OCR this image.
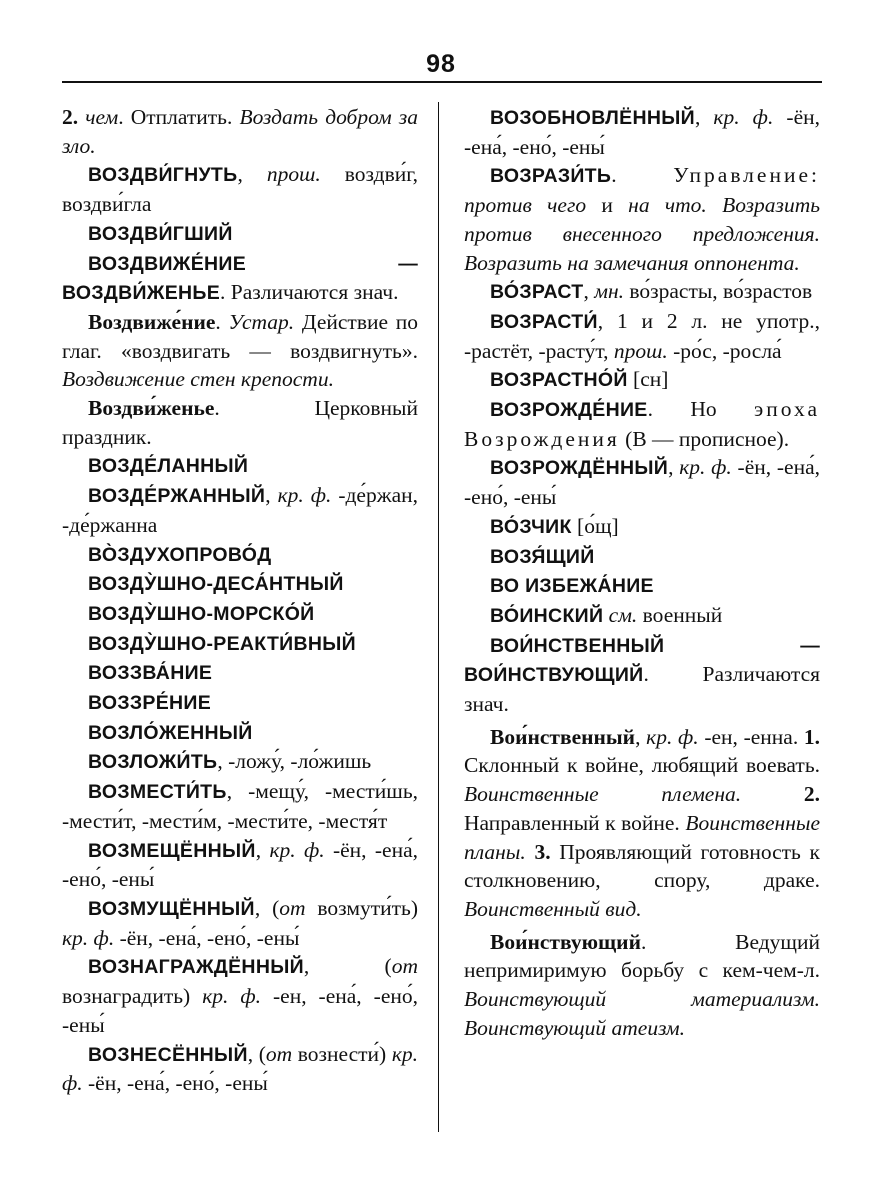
98

2. чем. Отплатить. Воздать добром за зло.

ВОЗДВИ́ГНУТЬ, прош. воздви́г, воздви́гла

ВОЗДВИ́ГШИЙ

ВОЗДВИЖЕ́НИЕ — ВОЗДВИ́ЖЕНЬЕ. Различаются знач.

Воздвиже́ние. Устар. Действие по глаг. «воздвигать — воздвигнуть». Воздвижение стен крепости.

Воздви́женье. Церковный праздник.

ВОЗДЕ́ЛАННЫЙ

ВОЗДЕ́РЖАННЫЙ, кр. ф. -де́ржан, -де́ржанна

ВО̀ЗДУХОПРОВО́Д

ВОЗДУ̀ШНО-ДЕСА́НТНЫЙ

ВОЗДУ̀ШНО-МОРСКО́Й

ВОЗДУ̀ШНО-РЕАКТИ́ВНЫЙ

ВОЗЗВА́НИЕ

ВОЗЗРЕ́НИЕ

ВОЗЛО́ЖЕННЫЙ

ВОЗЛОЖИ́ТЬ, -ложу́, -ло́жишь

ВОЗМЕСТИ́ТЬ, -мещу́, -мести́шь, -мести́т, -мести́м, -мести́те, -местя́т

ВОЗМЕЩЁННЫЙ, кр. ф. -ён, -ена́, -ено́, -ены́

ВОЗМУЩЁННЫЙ, (от возмути́ть) кр. ф. -ён, -ена́, -ено́, -ены́

ВОЗНАГРАЖДЁННЫЙ, (от вознаградить) кр. ф. -ен, -ена́, -ено́, -ены́

ВОЗНЕСЁННЫЙ, (от вознести́) кр. ф. -ён, -ена́, -ено́, -ены́

ВОЗОБНОВЛЁННЫЙ, кр. ф. -ён, -ена́, -ено́, -ены́

ВОЗРАЗИ́ТЬ. Управление: против чего и на что. Возразить против внесенного предложения. Возразить на замечания оппонента.

ВО́ЗРАСТ, мн. во́зрасты, во́зрастов

ВОЗРАСТИ́, 1 и 2 л. не употр., -растёт, -расту́т, прош. -ро́с, -росла́

ВОЗРАСТНО́Й [сн]

ВОЗРОЖДЕ́НИЕ. Но эпоха Возрождения (В — прописное).

ВОЗРОЖДЁННЫЙ, кр. ф. -ён, -ена́, -ено́, -ены́

ВО́ЗЧИК [о́щ]

ВОЗЯ́ЩИЙ

ВО ИЗБЕЖА́НИЕ

ВО́ИНСКИЙ см. военный

ВОИ́НСТВЕННЫЙ — ВОИ́НСТВУЮЩИЙ. Различаются знач.

Вои́нственный, кр. ф. -ен, -енна. 1. Склонный к войне, любящий воевать. Воинственные племена. 2. Направленный к войне. Воинственные планы. 3. Проявляющий готовность к столкновению, спору, драке. Воинственный вид.

Вои́нствующий. Ведущий непримиримую борьбу с кем-чем-л. Воинствующий материализм. Воинствующий атеизм.
